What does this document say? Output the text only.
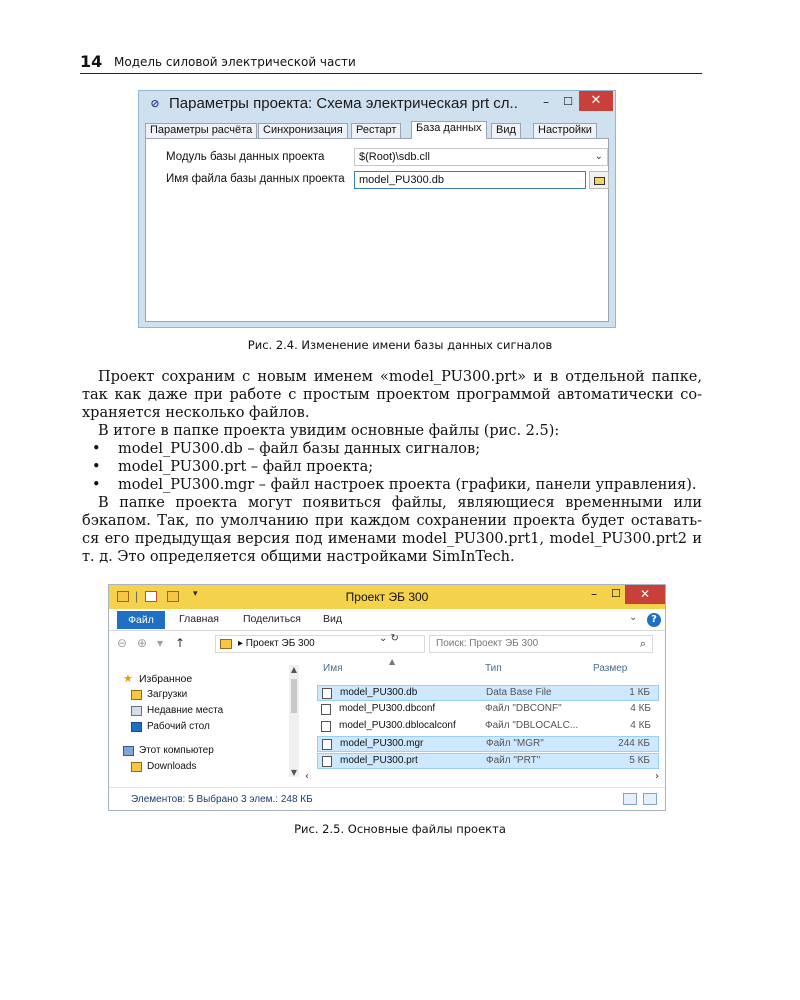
14 Модель силовой электрической части
⊘ Параметры проекта: Схема электрическая prt сл..	–	☐	✕
Параметры расчёта Синхронизация	Рестарт	База данных	Вид	Настройки
Модуль базы данных проекта	$(Root)\sdb.cll	⌄
Имя файла базы данных проекта	model_PU300.db
Рис. 2.4. Изменение имени базы данных сигналов

Проект сохраним с новым именем «model_PU300.prt» и в отдельной папке, так как даже при работе с простым проектом программой автоматически со-храняется несколько файлов.

В итоге в папке проекта увидим основные файлы (рис. 2.5):

• model_PU300.db – файл базы данных сигналов;
• model_PU300.prt – файл проекта;
• model_PU300.mgr – файл настроек проекта (графики, панели управления).

В папке проекта могут появиться файлы, являющиеся временными или бэкапом. Так, по умолчанию при каждом сохранении проекта будет оставать-ся его предыдущая версия под именами model_PU300.prt1, model_PU300.prt2 и т. д. Это определяется общими настройками SimInTech.

|	▾	Проект ЭБ 300	– ☐	✕
Файл	Главная Поделиться Вид	⌄	?
⊖ ⊕ ▾ ↑	▸ Проект ЭБ 300	⌄ ↻	Поиск: Проект ЭБ 300	⌕
★ Избранное
Загрузки
Недавние места
Рабочий стол
Этот компьютер
Downloads
▲
▼
▲
Имя	Тип	Размер
model_PU300.db	Data Base File	1 КБ
model_PU300.dbconf	Файл "DBCONF"	4 КБ
model_PU300.dblocalconf	Файл "DBLOCALC...	4 КБ
model_PU300.mgr	Файл "MGR"	244 КБ
model_PU300.prt	Файл "PRT"	5 КБ
‹	›
Элементов: 5 Выбрано 3 элем.: 248 КБ
Рис. 2.5. Основные файлы проекта
